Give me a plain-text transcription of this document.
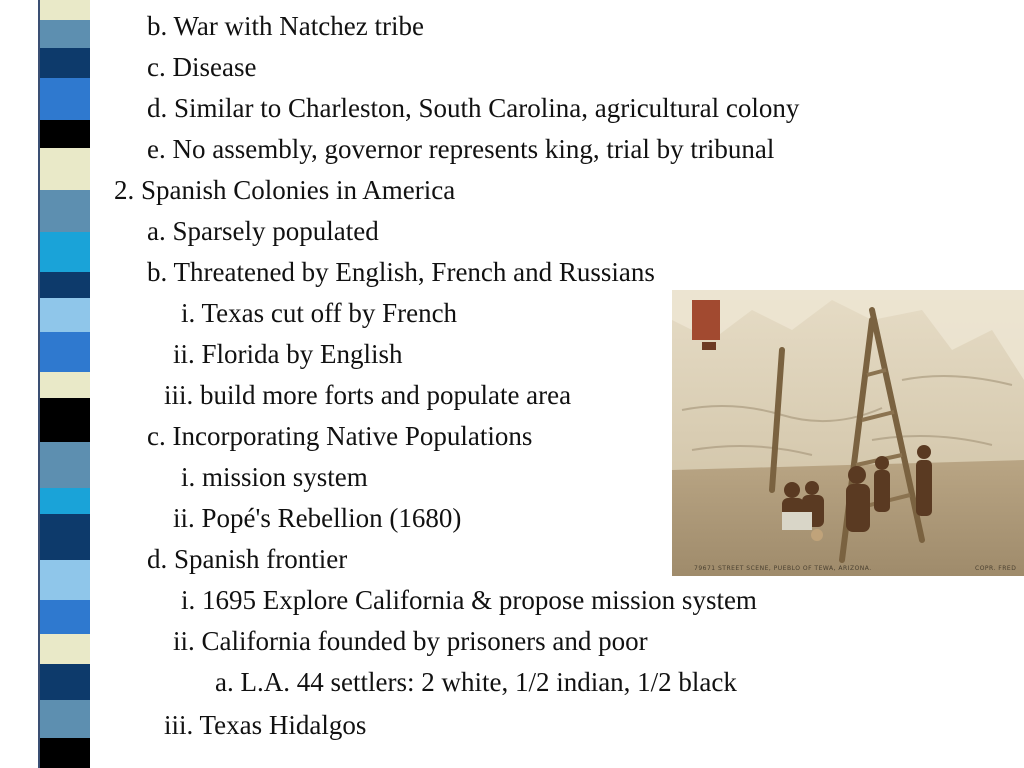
b. War with Natchez tribe
c. Disease
d. Similar to Charleston, South Carolina, agricultural colony
e. No assembly, governor represents king, trial by tribunal
2. Spanish Colonies in America
a. Sparsely populated
b. Threatened by English, French and Russians
i. Texas cut off by French
ii. Florida by English
iii. build more forts and populate area
c. Incorporating Native Populations
i. mission system
ii. Popé's Rebellion (1680)
d. Spanish frontier
i. 1695 Explore California & propose mission system
ii. California founded by prisoners and poor
a. L.A. 44 settlers: 2 white, 1/2 indian, 1/2 black
iii. Texas Hidalgos
79671 STREET SCENE, PUEBLO OF TEWA, ARIZONA.	COPR. FRED
